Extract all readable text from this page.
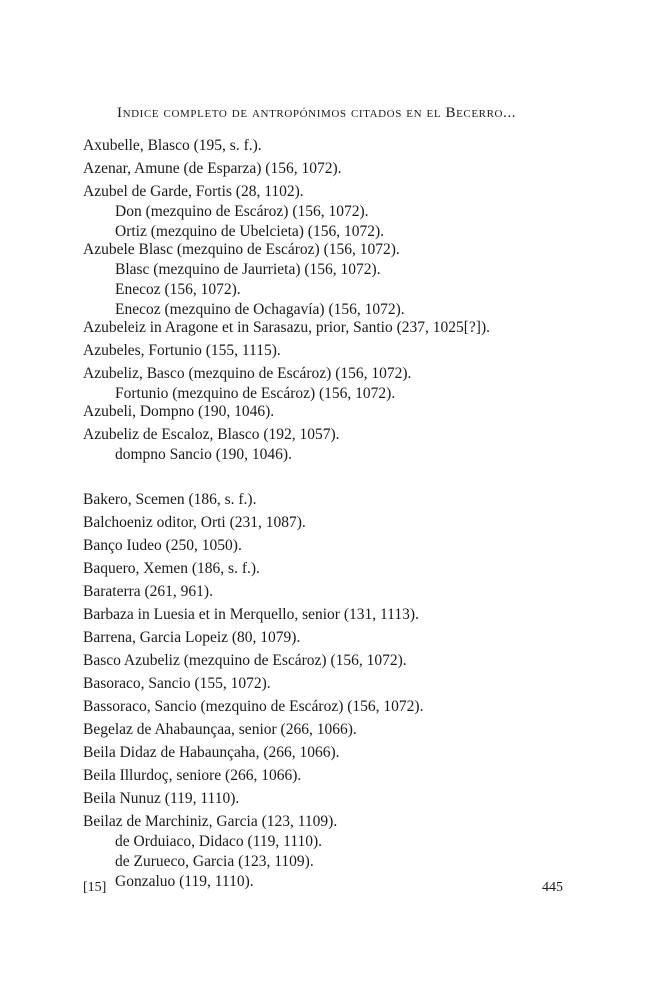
Indice completo de antropónimos citados en el Becerro...
Axubelle, Blasco (195, s. f.).
Azenar, Amune (de Esparza) (156, 1072).
Azubel de Garde, Fortis (28, 1102).
Don (mezquino de Escároz) (156, 1072).
Ortiz (mezquino de Ubelcieta) (156, 1072).
Azubele Blasc (mezquino de Escároz) (156, 1072).
Blasc (mezquino de Jaurrieta) (156, 1072).
Enecoz (156, 1072).
Enecoz (mezquino de Ochagavía) (156, 1072).
Azubeleiz in Aragone et in Sarasazu, prior, Santio (237, 1025[?]).
Azubeles, Fortunio (155, 1115).
Azubeliz, Basco (mezquino de Escároz) (156, 1072).
Fortunio (mezquino de Escároz) (156, 1072).
Azubeli, Dompno (190, 1046).
Azubeliz de Escaloz, Blasco (192, 1057).
dompno Sancio (190, 1046).
Bakero, Scemen (186, s. f.).
Balchoeniz oditor, Orti (231, 1087).
Banço Iudeo (250, 1050).
Baquero, Xemen (186, s. f.).
Baraterra (261, 961).
Barbaza in Luesia et in Merquello, senior (131, 1113).
Barrena, Garcia Lopeiz (80, 1079).
Basco Azubeliz (mezquino de Escároz) (156, 1072).
Basoraco, Sancio (155, 1072).
Bassoraco, Sancio (mezquino de Escároz) (156, 1072).
Begelaz de Ahabaunçaa, senior (266, 1066).
Beila Didaz de Habaunçaha, (266, 1066).
Beila Illurdoç, seniore (266, 1066).
Beila Nunuz (119, 1110).
Beilaz de Marchiniz, Garcia (123, 1109).
de Orduiaco, Didaco (119, 1110).
de Zurueco, Garcia (123, 1109).
Gonzaluo (119, 1110).
[15]	445
